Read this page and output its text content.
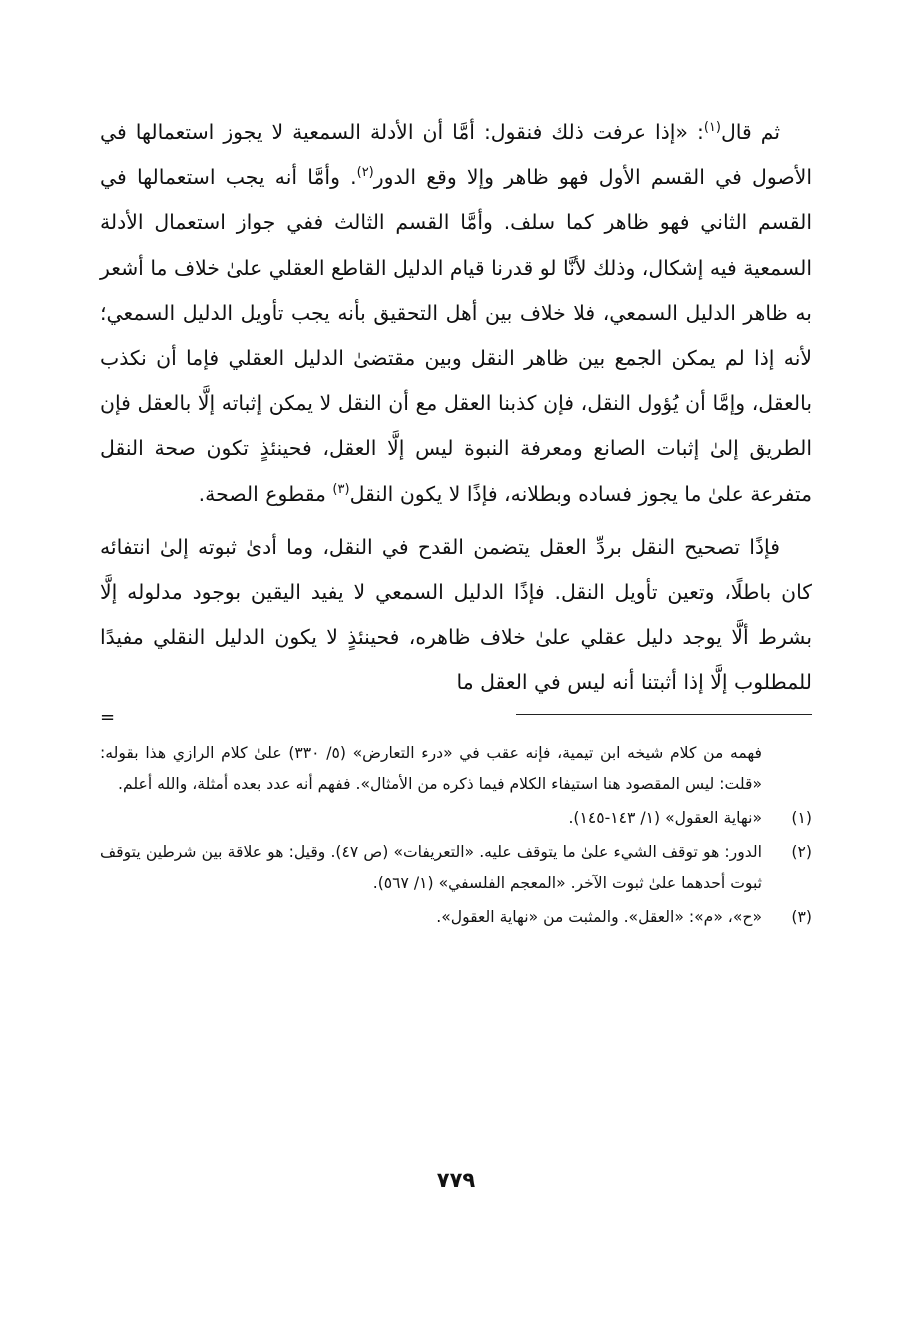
ثم قال$^{(١)}$: «إذا عرفت ذلك فنقول: أمَّا أن الأدلة السمعية لا يجوز استعمالها في الأصول في القسم الأول فهو ظاهر وإلا وقع الدور$^{(٢)}$. وأمَّا أنه يجب استعمالها في القسم الثاني فهو ظاهر كما سلف. وأمَّا القسم الثالث ففي جواز استعمال الأدلة السمعية فيه إشكال، وذلك لأنَّا لو قدرنا قيام الدليل القاطع العقلي علىٰ خلاف ما أشعر به ظاهر الدليل السمعي، فلا خلاف بين أهل التحقيق بأنه يجب تأويل الدليل السمعي؛ لأنه إذا لم يمكن الجمع بين ظاهر النقل وبين مقتضىٰ الدليل العقلي فإما أن نكذب بالعقل، وإمَّا أن يُؤول النقل، فإن كذبنا العقل مع أن النقل لا يمكن إثباته إلَّا بالعقل فإن الطريق إلىٰ إثبات الصانع ومعرفة النبوة ليس إلَّا العقل، فحينئذٍ تكون صحة النقل متفرعة علىٰ ما يجوز فساده وبطلانه، فإذًا لا يكون النقل$^{(٣)}$ مقطوع الصحة.

فإذًا تصحيح النقل بردِّ العقل يتضمن القدح في النقل، وما أدىٰ ثبوته إلىٰ انتفائه كان باطلًا، وتعين تأويل النقل. فإذًا الدليل السمعي لا يفيد اليقين بوجود مدلوله إلَّا بشرط ألَّا يوجد دليل عقلي علىٰ خلاف ظاهره، فحينئذٍ لا يكون الدليل النقلي مفيدًا للمطلوب إلَّا إذا أثبتنا أنه ليس في العقل ما

=
فهمه من كلام شيخه ابن تيمية، فإنه عقب في «درء التعارض» (٥/ ٣٣٠) علىٰ كلام الرازي هذا بقوله: «قلت: ليس المقصود هنا استيفاء الكلام فيما ذكره من الأمثال». ففهم أنه عدد بعده أمثلة، والله أعلم.
(١)
«نهاية العقول» (١/ ١٤٣-١٤٥).
(٢)
الدور: هو توقف الشيء علىٰ ما يتوقف عليه. «التعريفات» (ص ٤٧). وقيل: هو علاقة بين شرطين يتوقف ثبوت أحدهما علىٰ ثبوت الآخر. «المعجم الفلسفي» (١/ ٥٦٧).
(٣)
«ح»، «م»: «العقل». والمثبت من «نهاية العقول».
٧٧٩
